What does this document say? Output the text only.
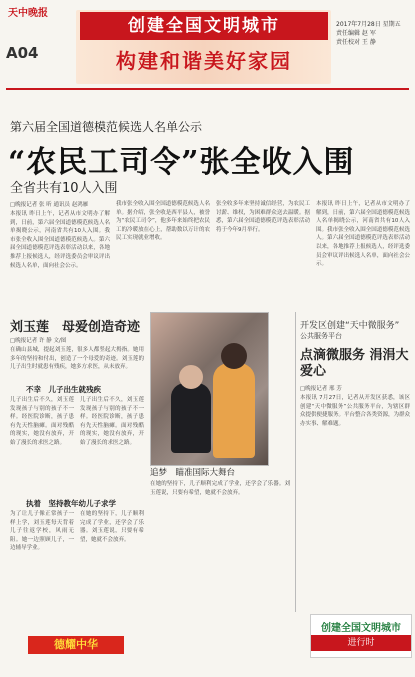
天中晚报
A04
创建全国文明城市
构建和谐美好家园
2017年7月28日 星期五
责任编辑 赵 军
责任校对 王 静
第六届全国道德模范候选人名单公示
“农民工司令”张全收入围
全省共有10人入围
□晚报记者 张 昕 通讯员 赵鸿雁
本报讯 昨日上午，记者从市文明办了解到，日前，第六届全国道德模范候选人名单揭晓公示，河南省共有10人入围。我市张全收入围全国道德模范候选人。第六届全国道德模范评选表彰活动以来，各地推荐上报候选人，经评选委员会审议评出候选人名单，面向社会公示。
我市张全收入围全国道德模范候选人名单。据介绍，张全收是西平县人，被誉为“农民工司令”，他多年来始终把农民工的冷暖放在心上，帮助数以万计的农民工实现就业增收。
张全收多年来坚持诚信经营，为农民工讨薪、维权，为困难群众送去温暖。据悉，第六届全国道德模范评选表彰活动将于今年9月举行。
本报讯 昨日上午，记者从市文明办了解到，日前，第六届全国道德模范候选人名单揭晓公示，河南省共有10人入围。我市张全收入围全国道德模范候选人。第六届全国道德模范评选表彰活动以来，各地推荐上报候选人，经评选委员会审议评出候选人名单，面向社会公示。
刘玉莲　母爱创造奇迹
□晚报记者 许 静 文/图
在确山县城，提起刘玉莲，很多人都竖起大拇指。她用多年的坚持和付出，创造了一个母爱的奇迹。刘玉莲的儿子出生时就患有残疾，她多方求医，从未放弃。
不幸　儿子出生就残疾
儿子出生后不久，刘玉莲发现孩子与别的孩子不一样。经医院诊断，孩子患有先天性脑瘫。面对残酷的现实，她没有放弃，开始了漫长的求医之路。
儿子出生后不久，刘玉莲发现孩子与别的孩子不一样。经医院诊断，孩子患有先天性脑瘫。面对残酷的现实，她没有放弃，开始了漫长的求医之路。
执着　坚持教年幼儿子求学
为了让儿子像正常孩子一样上学，刘玉莲每天背着儿子往返学校，风雨无阻。她一边照顾儿子，一边辅导学业。
在她的坚持下，儿子顺利完成了学业，还学会了乐器。刘玉莲说，只要有希望，她就不会放弃。
在她的坚持下，儿子顺利完成了学业，还学会了乐器。刘玉莲说，只要有希望，她就不会放弃。
追梦　瞄准国际大舞台
开发区创建“天中微服务”
公共服务平台
点滴微服务 涓涓大爱心
□晚报记者 邢 芳
本报讯 7月27日，记者从开发区获悉，该区创建“天中微服务”公共服务平台，为辖区群众提供便捷服务。平台整合各类资源，为群众办实事、解难题。
德耀中华
创建全国文明城市
进行时
